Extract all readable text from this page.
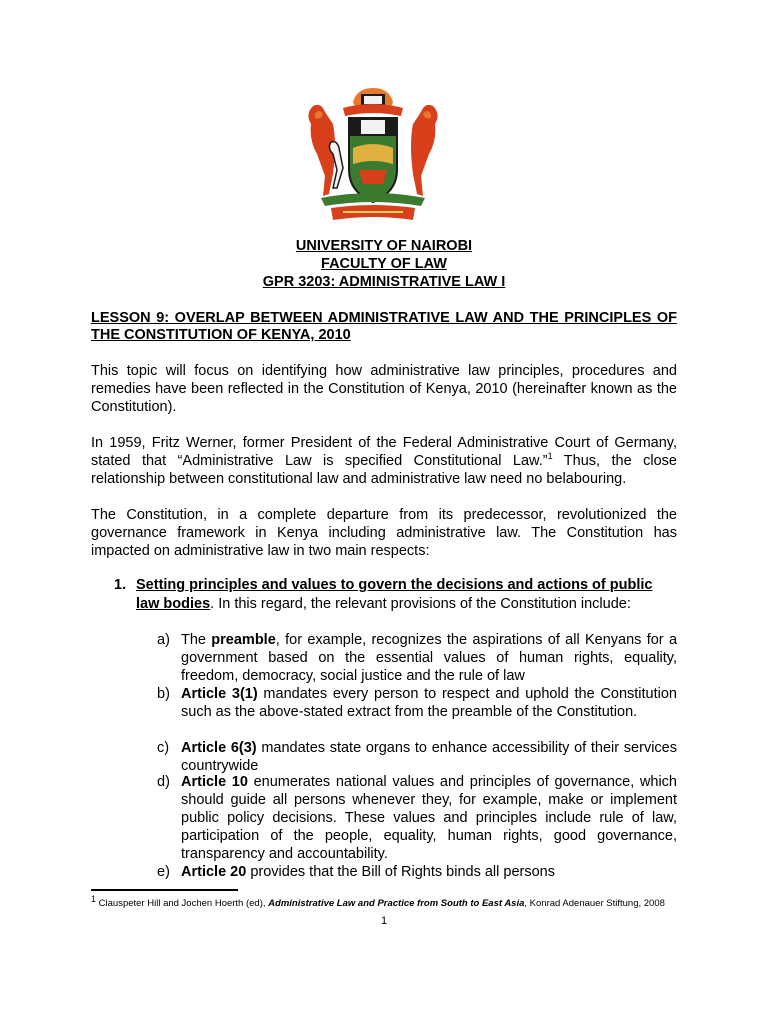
UNIVERSITY OF NAIROBI
FACULTY OF LAW
GPR 3203: ADMINISTRATIVE LAW I
LESSON 9: OVERLAP BETWEEN ADMINISTRATIVE LAW AND THE PRINCIPLES OF THE CONSTITUTION OF KENYA, 2010

This topic will focus on identifying how administrative law principles, procedures and remedies have been reflected in the Constitution of Kenya, 2010 (hereinafter known as the Constitution).

In 1959, Fritz Werner, former President of the Federal Administrative Court of Germany, stated that “Administrative Law is specified Constitutional Law.”$^1$ Thus, the close relationship between constitutional law and administrative law need no belabouring.

The Constitution, in a complete departure from its predecessor, revolutionized the governance framework in Kenya including administrative law. The Constitution has impacted on administrative law in two main respects:

1. Setting principles and values to govern the decisions and actions of public law bodies. In this regard, the relevant provisions of the Constitution include:
a) The preamble, for example, recognizes the aspirations of all Kenyans for a government based on the essential values of human rights, equality, freedom, democracy, social justice and the rule of law
b) Article 3(1) mandates every person to respect and uphold the Constitution such as the above-stated extract from the preamble of the Constitution.
c) Article 6(3) mandates state organs to enhance accessibility of their services countrywide
d) Article 10 enumerates national values and principles of governance, which should guide all persons whenever they, for example, make or implement public policy decisions. These values and principles include rule of law, participation of the people, equality, human rights, good governance, transparency and accountability.
e) Article 20 provides that the Bill of Rights binds all persons
$^1$ Clauspeter Hill and Jochen Hoerth (ed), Administrative Law and Practice from South to East Asia, Konrad Adenauer Stiftung, 2008
1
